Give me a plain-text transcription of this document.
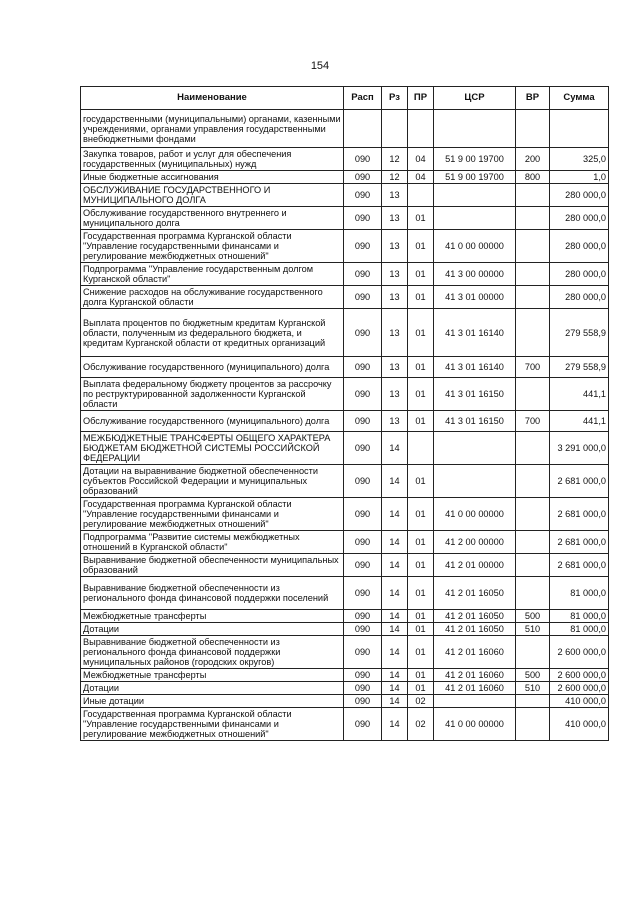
154
Наименование	Расп	Рз	ПР	ЦСР	ВР	Сумма
государственными (муниципальными) органами, казенными учреждениями, органами управления государственными внебюджетными фондами						
Закупка товаров, работ и услуг для обеспечения государственных (муниципальных) нужд	090	12	04	51 9 00 19700	200	325,0
Иные бюджетные ассигнования	090	12	04	51 9 00 19700	800	1,0
ОБСЛУЖИВАНИЕ ГОСУДАРСТВЕННОГО И МУНИЦИПАЛЬНОГО ДОЛГА	090	13				280 000,0
Обслуживание государственного внутреннего и муниципального долга	090	13	01			280 000,0
Государственная программа Курганской области "Управление государственными финансами и регулирование межбюджетных отношений"	090	13	01	41 0 00 00000		280 000,0
Подпрограмма "Управление государственным долгом Курганской области"	090	13	01	41 3 00 00000		280 000,0
Снижение расходов на обслуживание государственного долга Курганской области	090	13	01	41 3 01 00000		280 000,0
Выплата процентов по бюджетным кредитам Курганской области, полученным из федерального бюджета, и кредитам Курганской области от кредитных организаций	090	13	01	41 3 01 16140		279 558,9
Обслуживание государственного (муниципального) долга	090	13	01	41 3 01 16140	700	279 558,9
Выплата федеральному бюджету процентов за рассрочку по реструктурированной задолженности Курганской области	090	13	01	41 3 01 16150		441,1
Обслуживание государственного (муниципального) долга	090	13	01	41 3 01 16150	700	441,1
МЕЖБЮДЖЕТНЫЕ ТРАНСФЕРТЫ ОБЩЕГО ХАРАКТЕРА БЮДЖЕТАМ БЮДЖЕТНОЙ СИСТЕМЫ РОССИЙСКОЙ ФЕДЕРАЦИИ	090	14				3 291 000,0
Дотации на выравнивание бюджетной обеспеченности субъектов Российской Федерации и муниципальных образований	090	14	01			2 681 000,0
Государственная программа Курганской области "Управление государственными финансами и регулирование межбюджетных отношений"	090	14	01	41 0 00 00000		2 681 000,0
Подпрограмма "Развитие системы межбюджетных отношений в Курганской области"	090	14	01	41 2 00 00000		2 681 000,0
Выравнивание бюджетной обеспеченности муниципальных образований	090	14	01	41 2 01 00000		2 681 000,0
Выравнивание бюджетной обеспеченности из регионального фонда финансовой поддержки поселений	090	14	01	41 2 01 16050		81 000,0
Межбюджетные трансферты	090	14	01	41 2 01 16050	500	81 000,0
Дотации	090	14	01	41 2 01 16050	510	81 000,0
Выравнивание бюджетной обеспеченности из регионального фонда финансовой поддержки муниципальных районов (городских округов)	090	14	01	41 2 01 16060		2 600 000,0
Межбюджетные трансферты	090	14	01	41 2 01 16060	500	2 600 000,0
Дотации	090	14	01	41 2 01 16060	510	2 600 000,0
Иные дотации	090	14	02			410 000,0
Государственная программа Курганской области "Управление государственными финансами и регулирование межбюджетных отношений"	090	14	02	41 0 00 00000		410 000,0
